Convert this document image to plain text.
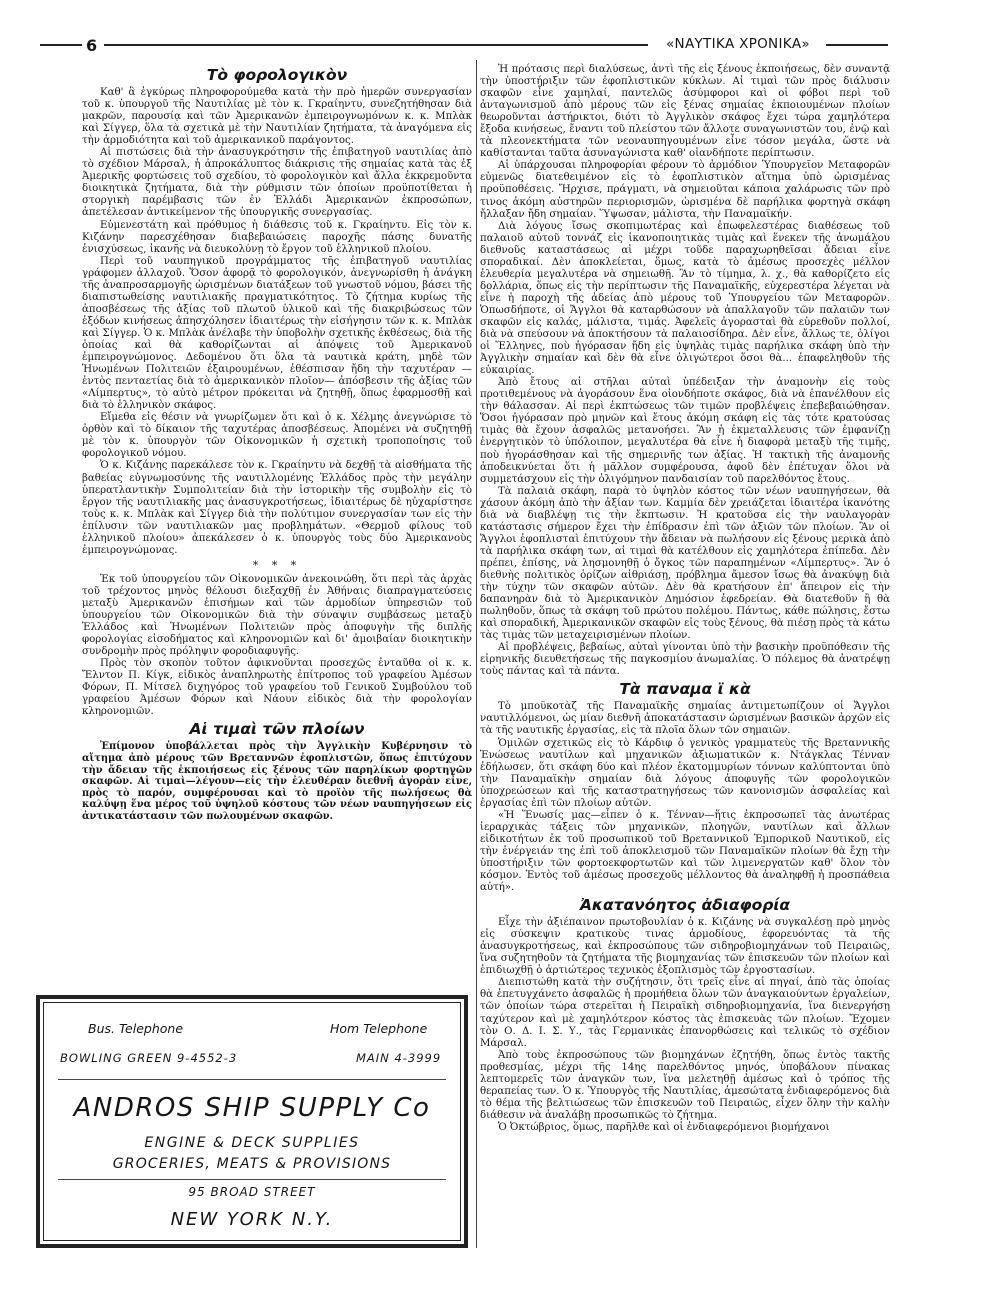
6	«ΝΑΥΤΙΚΑ ΧΡΟΝΙΚΑ»
Τὸ φορολογικὸν

Καθ' ἃ ἐγκύρως πληροφορούμεθα κατὰ τὴν πρὸ ἡμερῶν συνεργασίαν τοῦ κ. ὑπουργοῦ τῆς Ναυτιλίας μὲ τὸν κ. Γκραίηντυ, συνεζητήθησαν διὰ μακρῶν, παρουσίᾳ καὶ τῶν Ἀμερικανῶν ἐμπειρογνωμόνων κ. κ. Μπλὰκ καὶ Σίγγερ, ὅλα τὰ σχετικὰ μὲ τὴν Ναυτιλίαν ζητήματα, τὰ ἀναγόμενα εἰς τὴν ἁρμοδιότητα καὶ τοῦ ἀμερικανικοῦ παράγοντος.

Αἱ πιστώσεις διὰ τὴν ἀνασυγκρότησιν τῆς ἐπιβατηγοῦ ναυτιλίας ἀπὸ τὸ σχέδιον Μάρσαλ, ἡ ἀπροκάλυπτος διάκρισις τῆς σημαίας κατὰ τὰς ἐξ Ἀμερικῆς φορτώσεις τοῦ σχεδίου, τὸ φορολογικὸν καὶ ἄλλα ἐκκρεμοῦντα διοικητικὰ ζητήματα, διὰ τὴν ρύθμισιν τῶν ὁποίων προϋποτίθεται ἡ στοργικὴ παρέμβασις τῶν ἐν Ἑλλάδι Ἀμερικανῶν ἐκπροσώπων, ἀπετέλεσαν ἀντικείμενον τῆς ὑπουργικῆς συνεργασίας.

Εὐμενεστάτη καὶ πρόθυμος ἡ διάθεσις τοῦ κ. Γκραίηντυ. Εἰς τὸν κ. Κιζάνην παρεσχέθησαν διαβεβαιώσεις παροχῆς πάσης δυνατῆς ἐνισχύσεως, ἱκανῆς νὰ διευκολύνῃ τὸ ἔργον τοῦ ἑλληνικοῦ πλοίου.

Περὶ τοῦ ναυπηγικοῦ προγράμματος τῆς ἐπιβατηγοῦ ναυτιλίας γράφομεν ἀλλαχοῦ. Ὅσον ἀφορᾷ τὸ φορολογικόν, ἀνεγνωρίσθη ἡ ἀνάγκη τῆς ἀναπροσαρμογῆς ὡρισμένων διατάξεων τοῦ γνωστοῦ νόμου, βάσει τῆς διαπιστωθείσης ναυτιλιακῆς πραγματικότητος. Τὸ ζήτημα κυρίως τῆς ἀποσβέσεως τῆς ἀξίας τοῦ πλωτοῦ ὑλικοῦ καὶ τῆς διακριβώσεως τῶν ἐξόδων κινήσεως ἀπησχόλησεν ἰδιαιτέρως τὴν εἰσήγησιν τῶν κ. κ. Μπλὰκ καὶ Σίγγερ. Ὁ κ. Μπλὰκ ἀνέλαβε τὴν ὑποβολὴν σχετικῆς ἐκθέσεως, διὰ τῆς ὁποίας καὶ θὰ καθορίζωνται αἱ ἀπόψεις τοῦ Ἀμερικανοῦ ἐμπειρογνώμονος. Δεδομένου ὅτι ὅλα τὰ ναυτικὰ κράτη, μηδὲ τῶν Ἡνωμένων Πολιτειῶν ἐξαιρουμένων, ἐθέσπισαν ἤδη τὴν ταχυτέραν — ἐντὸς πενταετίας διὰ τὸ ἀμερικανικὸν πλοῖον— ἀπόσβεσιν τῆς ἀξίας τῶν «Λίμπερτυς», τὸ αὐτὸ μέτρον πρόκειται νὰ ζητηθῇ, ὅπως ἐφαρμοσθῇ καὶ διὰ τὸ ἑλληνικὸν σκάφος.

Εἴμεθα εἰς θέσιν νὰ γνωρίζωμεν ὅτι καὶ ὁ κ. Χέλμης ἀνεγνώρισε τὸ ὀρθὸν καὶ τὸ δίκαιον τῆς ταχυτέρας ἀποσβέσεως. Ἀπομένει νὰ συζητηθῇ μὲ τὸν κ. ὑπουργὸν τῶν Οἰκονομικῶν ἡ σχετικὴ τροποποίησις τοῦ φορολογικοῦ νόμου.

Ὁ κ. Κιζάνης παρεκάλεσε τὸν κ. Γκραίηντυ νὰ δεχθῇ τὰ αἰσθήματα τῆς βαθείας εὐγνωμοσύνης τῆς ναυτιλλομένης Ἑλλάδος πρὸς τὴν μεγάλην ὑπερατλαντικὴν Συμπολιτείαν διὰ τὴν ἱστορικὴν τῆς συμβολὴν εἰς τὸ ἔργον τῆς ναυτιλιακῆς μας ἀνασυγκροτήσεως, ἰδιαιτέρως δὲ ηὐχαρίστησε τοὺς κ. κ. Μπλὰκ καὶ Σίγγερ διὰ τὴν πολύτιμον συνεργασίαν των εἰς τὴν ἐπίλυσιν τῶν ναυτιλιακῶν μας προβλημάτων. «Θερμοῦ φίλους τοῦ ἑλληνικοῦ πλοίου» ἀπεκάλεσεν ὁ κ. ὑπουργὸς τοὺς δύο Ἀμερικανοὺς ἐμπειρογνώμονας.

* * *

Ἐκ τοῦ ὑπουργείου τῶν Οἰκονομικῶν ἀνεκοινώθη, ὅτι περὶ τὰς ἀρχὰς τοῦ τρέχοντος μηνὸς θέλουσι διεξαχθῇ ἐν Ἀθήναις διαπραγματεύσεις μεταξὺ Ἀμερικανῶν ἐπισήμων καὶ τῶν ἁρμοδίων ὑπηρεσιῶν τοῦ ὑπουργείου τῶν Οἰκονομικῶν διὰ τὴν σύναψιν συμβάσεως μεταξὺ Ἑλλάδος καὶ Ἡνωμένων Πολιτειῶν πρὸς ἀποφυγὴν τῆς διπλῆς φορολογίας εἰσοδήματος καὶ κληρονομιῶν καὶ δι' ἀμοιβαίαν διοικητικὴν συνδρομὴν πρὸς πρόληψιν φοροδιαφυγῆς.

Πρὸς τὸν σκοπὸν τοῦτον ἀφικνοῦνται προσεχῶς ἐνταῦθα οἱ κ. κ. Ἔλντον Π. Κίγκ, εἰδικὸς ἀναπληρωτὴς ἐπίτροπος τοῦ γραφείου Ἀμέσων Φόρων, Π. Μίτσελ διχηγόρος τοῦ γραφείου τοῦ Γενικοῦ Συμβούλου τοῦ γραφείου Ἀμέσων Φόρων καὶ Νάουν εἰδικὸς διὰ τὴν φορολογίαν κληρονομιῶν.

Αἱ τιμαὶ τῶν πλοίων

Ἐπίμονον ὑποβάλλεται πρὸς τὴν Ἀγγλικὴν Κυβέρνησιν τὸ αἴτημα ἀπὸ μέρους τῶν Βρεταννῶν ἐφοπλιστῶν, ὅπως ἐπιτύχουν τὴν ἄδειαν τῆς ἐκποιήσεως εἰς ξένους τῶν παρηλίκων φορτηγῶν σκαφῶν. Αἱ τιμαὶ—λέγουν—εἰς τὴν ἐλευθέραν διεθνῆ ἀγορὰν εἶνε, πρὸς τὸ παρόν, συμφέρουσαι καὶ τὸ προϊὸν τῆς πωλήσεως θὰ καλύψῃ ἕνα μέρος τοῦ ὑψηλοῦ κόστους τῶν νέων ναυπηγήσεων εἰς ἀντικατάστασιν τῶν πωλουμένων σκαφῶν.

Bus. Telephone	Hom Telephone
BOWLING GREEN 9-4552-3	MAIN 4-3999
ANDROS SHIP SUPPLY Co
ENGINE & DECK SUPPLIES
GROCERIES, MEATS & PROVISIONS
95 BROAD STREET
NEW YORK N.Y.

Ἡ πρότασις περὶ διαλύσεως, ἀντὶ τῆς εἰς ξένους ἐκποιήσεως, δὲν συναντᾷ τὴν ὑποστήριξιν τῶν ἐφοπλιστικῶν κύκλων. Αἱ τιμαὶ τῶν πρὸς διάλυσιν σκαφῶν εἶνε χαμηλαί, παντελῶς ἀσύμφοροι καὶ οἱ φόβοι περὶ τοῦ ἀνταγωνισμοῦ ἀπὸ μέρους τῶν εἰς ξένας σημαίας ἐκποιουμένων πλοίων θεωροῦνται ἀστήρικτοι, διότι τὸ Ἀγγλικὸν σκάφος ἔχει τώρα χαμηλότερα ἔξοδα κινήσεως, ἔναντι τοῦ πλείστου τῶν ἄλλοτε συναγωνιστῶν του, ἐνῷ καὶ τὰ πλεονεκτήματα τῶν νεοναυπηγουμένων εἶνε τόσον μεγάλα, ὥστε νὰ καθίστανται ταῦτα ἀσυναγώνιστα καθ' οἱανδήποτε περίπτωσιν.

Αἱ ὑπάρχουσαι πληροφορίαι φέρουν τὸ ἁρμόδιον Ὑπουργεῖον Μεταφορῶν εὐμενῶς διατεθειμένον εἰς τὸ ἐφοπλιστικὸν αἴτημα ὑπὸ ὡρισμένας προϋποθέσεις. Ἤρχισε, πράγματι, νὰ σημειοῦται κάποια χαλάρωσις τῶν πρὸ τινος ἀκόμη αὐστηρῶν περιορισμῶν, ὡρισμένα δὲ παρήλικα φορτηγὰ σκάφη ἤλλαξαν ἤδη σημαίαν. Ὕψωσαν, μάλιστα, τὴν Παναμαϊκήν.

Διὰ λόγους ἴσως σκοπιμωτέρας καὶ ἐπωφελεστέρας διαθέσεως τοῦ παλαιοῦ αὐτοῦ τοννάζ εἰς ἱκανοποιητικὰς τιμὰς καὶ ἕνεκεν τῆς ἀνωμάλου διεθνοῦς καταστάσεως αἱ μέχρι τοῦδε παραχωρηθεῖσαι ἄδειαι εἶνε σποραδικαί. Δὲν ἀποκλείεται, ὅμως, κατὰ τὸ ἀμέσως προσεχὲς μέλλον ἐλευθερία μεγαλυτέρα νὰ σημειωθῇ. Ἂν τὸ τίμημα, λ. χ., θὰ καθορίζετο εἰς δολλάρια, ὅπως εἰς τὴν περίπτωσιν τῆς Παναμαϊκῆς, εὐχερεστέρα λέγεται νὰ εἶνε ἡ παροχὴ τῆς ἀδείας ἀπὸ μέρους τοῦ Ὑπουργείου τῶν Μεταφορῶν. Ὁπωσδήποτε, οἱ Ἄγγλοι θὰ καταρθώσουν νὰ ἀπαλλαγοῦν τῶν παλαιῶν των σκαφῶν εἰς καλάς, μάλιστα, τιμάς. Ἀφελεῖς ἀγορασταὶ θὰ εὑρεθοῦν πολλοί, διὰ νὰ σπεύσουν νὰ ἀποκτήσουν τὰ παλαιοσίδηρα. Δὲν εἶνε, ἄλλως τε, ὀλίγοι οἱ Ἕλληνες, ποὺ ἠγόρασαν ἤδη εἰς ὑψηλὰς τιμὰς παρήλικα σκάφη ὑπὸ τὴν Ἀγγλικὴν σημαίαν καὶ δὲν θὰ εἶνε ὀλιγώτεροι ὅσοι θὰ... ἐπαφεληθοῦν τῆς εὐκαιρίας.

Ἀπὸ ἔτους αἱ στῆλαι αὐταὶ ὑπέδειξαν τὴν ἀναμονὴν εἰς τοὺς προτιθεμένους νὰ ἀγοράσουν ἕνα οἱονδήποτε σκάφος, διὰ νὰ ἐπανέλθουν εἰς τὴν θάλασσαν. Αἱ περὶ ἐκπτώσεως τῶν τιμῶν προβλέψεις ἐπεβεβαιώθησαν. Ὅσοι ἠγόρασαν πρὸ μηνῶν καὶ ἔτους ἀκόμη σκάφη εἰς τὰς τότε κρατούσας τιμὰς θὰ ἔχουν ἀσφαλῶς μετανοήσει. Ἂν ἡ ἐκμεταλλευσις τῶν ἐμφανίζῃ ἐνεργητικὸν τὸ ὑπόλοιπον, μεγαλυτέρα θὰ εἶνε ἡ διαφορὰ μεταξὺ τῆς τιμῆς, ποὺ ἠγοράσθησαν καὶ τῆς σημερινῆς των ἀξίας. Ἡ τακτικὴ τῆς ἀναμονῆς ἀποδεικνύεται ὅτι ἡ μᾶλλον συμφέρουσα, ἀφοῦ δὲν ἐπέτυχαν ὅλοι νὰ συμμετάσχουν εἰς τὴν ὀλιγόμηνον πανδαισίαν τοῦ παρελθόντος ἔτους.

Τὰ παλαιὰ σκάφη, παρὰ τὸ ὑψηλὸν κόστος τῶν νέων ναυπηγήσεων, θὰ χάσουν ἀκόμη ἀπὸ τὴν ἀξίαν των. Καμμία δὲν χρειάζεται ἰδιαιτέρα ἱκανότης διὰ νὰ διαβλέψῃ τις τὴν ἔκπτωσιν. Ἡ κρατοῦσα εἰς τὴν ναυλαγορὰν κατάστασις σήμερον ἔχει τὴν ἐπίδρασιν ἐπὶ τῶν ἀξιῶν τῶν πλοίων. Ἂν οἱ Ἄγγλοι ἐφοπλισταὶ ἐπιτύχουν τὴν ἄδειαν νὰ πωλήσουν εἰς ξένους μερικὰ ἀπὸ τὰ παρήλικα σκάφη των, αἱ τιμαὶ θὰ κατέλθουν εἰς χαμηλότερα ἐπίπεδα. Δὲν πρέπει, ἐπίσης, νὰ λησμονηθῇ ὁ ὄγκος τῶν παραπημένων «Λίμπερτυς». Ἂν ὁ διεθνὴς πολιτικὸς ὁρίζων αἰθριάσῃ, πρόβλημα ἄμεσον ἴσως θὰ ἀνακύψῃ διὰ τὴν τύχην τῶν σκαφῶν αὐτῶν. Δὲν θὰ κρατήσουν ἐπ' ἄπειρον εἰς τὴν δαπανηρὰν διὰ τὸ Ἀμερικανικὸν Δημόσιον ἐφεδρείαν. Θὰ διατεθοῦν ἢ θὰ πωληθοῦν, ὅπως τὰ σκάφη τοῦ πρώτου πολέμου. Πάντως, κάθε πώλησις, ἔστω καὶ σποραδική, Ἀμερικανικῶν σκαφῶν εἰς τοὺς ξένους, θὰ πιέσῃ πρὸς τὰ κάτω τὰς τιμὰς τῶν μεταχειρισμένων πλοίων.

Αἱ προβλέψεις, βεβαίως, αὐταὶ γίνονται ὑπὸ τὴν βασικὴν προϋπόθεσιν τῆς εἰρηνικῆς διευθετήσεως τῆς παγκοσμίου ἀνωμαλίας. Ὁ πόλεμος θὰ ἀνατρέψῃ τοὺς πάντας καὶ τὰ πάντα.

Τὰ παναμα ϊ κὰ

Τὸ μποϋκοτὰζ τῆς Παναμαϊκῆς σημαίας ἀντιμετωπίζουν οἱ Ἄγγλοι ναυτιλλόμενοι, ὡς μίαν διεθνῆ ἀποκατάστασιν ὡρισμένων βασικῶν ἀρχῶν εἰς τὰ τῆς ναυτικῆς ἐργασίας, εἰς τὰ πλοῖα ὅλων τῶν σημαιῶν.

Ὁμιλῶν σχετικῶς εἰς τὸ Κάρδιφ ὁ γενικὸς γραμματεὺς τῆς Βρεταννικῆς Ἑνώσεως ναυτίλων καὶ μηχανικῶν ἀξιωματικῶν κ. Ντάγκλας Τένναν ἐδήλωσεν, ὅτι σκάφη δύο καὶ πλέον ἑκατομμυρίων τόννων καλύπτονται ὑπὸ τὴν Παναμαϊκὴν σημαίαν διὰ λόγους ἀποφυγῆς τῶν φορολογικῶν ὑποχρεώσεων καὶ τῆς καταστρατηγήσεως τῶν κανονισμῶν ἀσφαλείας καὶ ἐργασίας ἐπὶ τῶν πλοίων αὐτῶν.

«Ἡ Ἕνωσίς μας—εἶπεν ὁ κ. Τένναν—ἥτις ἐκπροσωπεῖ τὰς ἀνωτέρας ἱεραρχικὰς τάξεις τῶν μηχανικῶν, πλοηγῶν, ναυτίλων καὶ ἄλλων εἰδικοτήτων ἐκ τοῦ προσωπικοῦ τοῦ Βρεταννικοῦ Ἐμπορικοῦ Ναυτικοῦ, εἰς τὴν ἐνέργειάν της ἐπὶ τοῦ ἀποκλεισμοῦ τῶν Παναμαϊκῶν πλοίων θὰ ἔχῃ τὴν ὑποστήριξιν τῶν φορτοεκφορτωτῶν καὶ τῶν λιμενεργατῶν καθ' ὅλον τὸν κόσμον. Ἐντὸς τοῦ ἀμέσως προσεχοῦς μέλλοντος θὰ ἀναληφθῇ ἡ προσπάθεια αὐτή».

Ἀκατανόητος ἀδιαφορία

Εἶχε τὴν ἀξιέπαινον πρωτοβουλίαν ὁ κ. Κιζάνης νὰ συγκαλέσῃ πρὸ μηνὸς εἰς σύσκεψιν κρατικοὺς τινας ἁρμοδίους, ἐφορευόντας τὰ τῆς ἀνασυγκροτήσεως, καὶ ἐκπροσώπους τῶν σιδηροβιομηχάνων τοῦ Πειραιῶς, ἵνα συζητηθοῦν τὰ ζητήματα τῆς βιομηχανίας τῶν ἐπισκευῶν τῶν πλοίων καὶ ἐπιδιωχθῇ ὁ ἀρτιώτερος τεχνικὸς ἐξοπλισμὸς τῶν ἐργοστασίων.

Διεπιστώθη κατὰ τὴν συζήτησιν, ὅτι τρεῖς εἶνε αἱ πηγαί, ἀπὸ τὰς ὁποίας θὰ ἐπετυγχάνετο ἀσφαλῶς ἡ προμήθεια ὅλων τῶν ἀναγκαιούντων ἐργαλείων, τῶν ὁποίων τώρα στερεῖται ἡ Πειραϊκὴ σιδηροβιομηχανία, ἵνα διενεργήσῃ ταχύτερον καὶ μὲ χαμηλότερον κόστος τὰς ἐπισκευὰς τῶν πλοίων. Ἔχομεν τὸν Ο. Δ. Ι. Σ. Υ., τὰς Γερμανικὰς ἐπανορθώσεις καὶ τελικῶς τὸ σχέδιον Μάρσαλ.

Ἀπὸ τοὺς ἐκπροσώπους τῶν βιομηχάνων ἐζητήθη, ὅπως ἐντὸς τακτῆς προθεσμίας, μέχρι τῆς 14ης παρελθόντος μηνός, ὑποβάλουν πίνακας λεπτομερεῖς τῶν ἀναγκῶν των, ἵνα μελετηθῇ ἀμέσως καὶ ὁ τρόπος τῆς θεραπείας των. Ὁ κ. Ὑπουργὸς τῆς Ναυτιλίας, ἀμεσώτατα ἐνδιαφερόμενος διὰ τὸ θέμα τῆς βελτιώσεως τῶν ἐπισκευῶν τοῦ Πειραιῶς, εἶχεν ὅλην τὴν καλὴν διάθεσιν νὰ ἀναλάβῃ προσωπικῶς τὸ ζήτημα.

Ὁ Ὀκτώβριος, ὅμως, παρῆλθε καὶ οἱ ἐνδιαφερόμενοι βιομήχανοι
